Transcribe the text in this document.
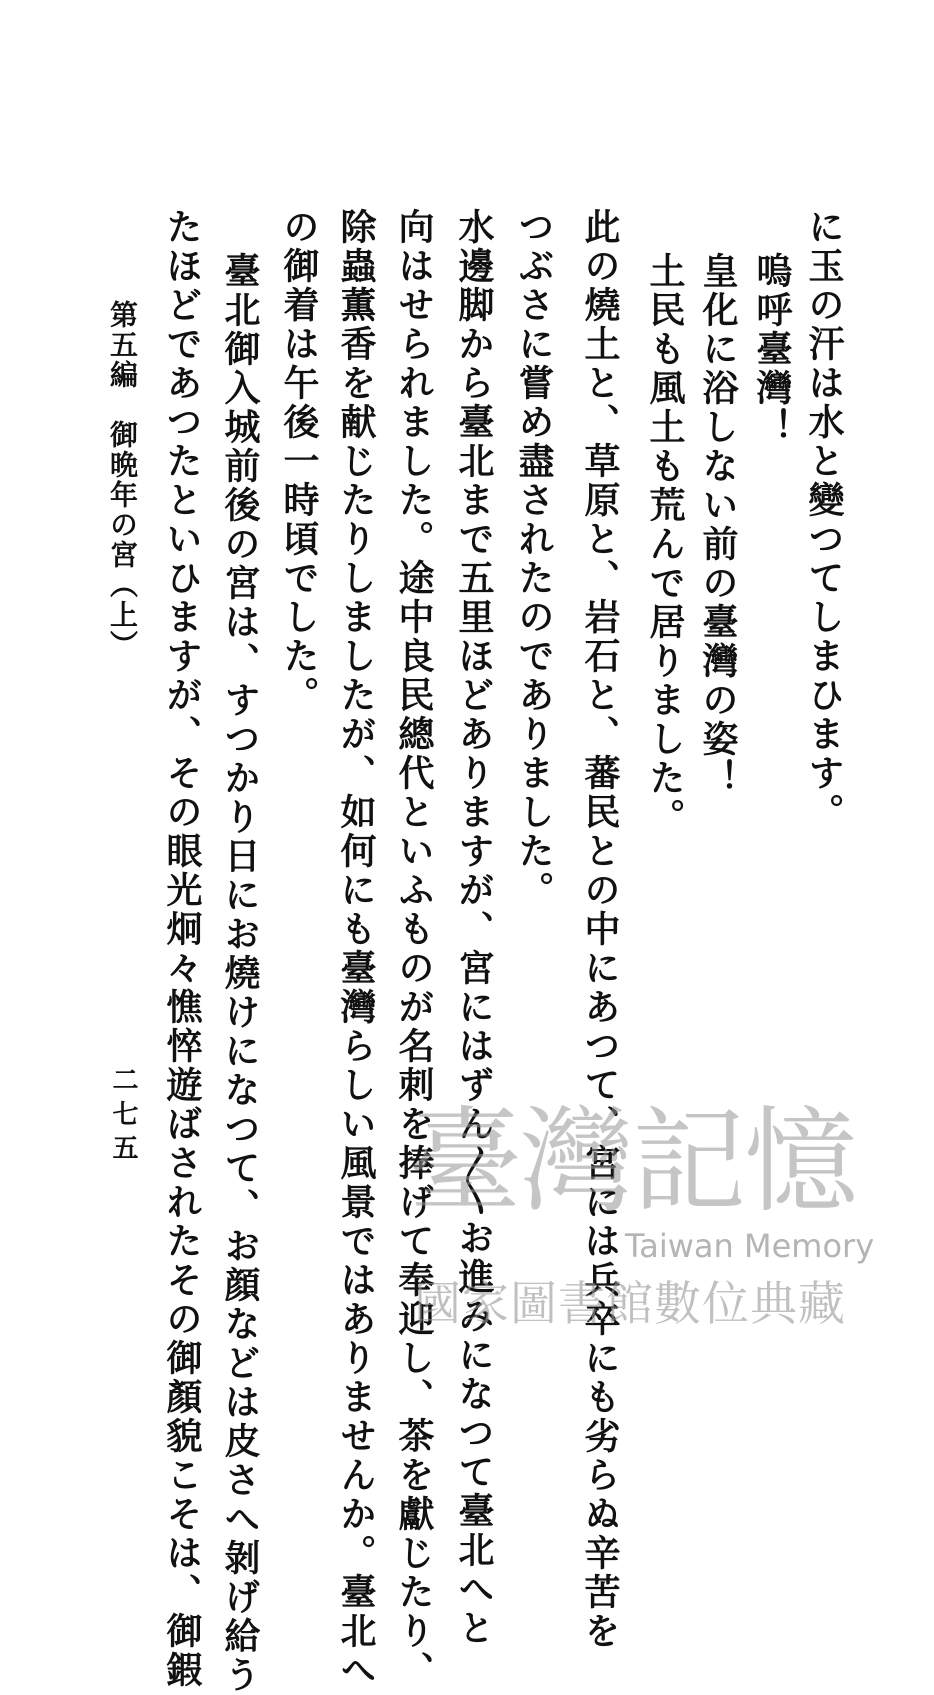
に玉の汗は水と變つてしまひます。
嗚呼臺灣！
皇化に浴しない前の臺灣の姿！
土民も風土も荒んで居りました。
此の燒土と、草原と、岩石と、蕃民との中にあつて、宮には兵卒にも劣らぬ辛苦を
つぶさに嘗め盡されたのでありました。
水邊脚から臺北まで五里ほどありますが、宮にはずん〳〵お進みになつて臺北へと
向はせられました。途中良民總代といふものが名刺を捧げて奉迎し、茶を獻じたり、
除蟲薫香を献じたりしましたが、如何にも臺灣らしい風景ではありませんか。臺北へ
の御着は午後一時頃でした。
臺北御入城前後の宮は、すつかり日にお燒けになつて、お顔などは皮さへ剝げ給う
たほどであつたといひますが、その眼光炯々憔悴遊ばされたその御顏貌こそは、御鍜
第五編　御晩年の宮（上）
二七五 臺灣記憶
Taiwan Memory
國家圖書館數位典藏
